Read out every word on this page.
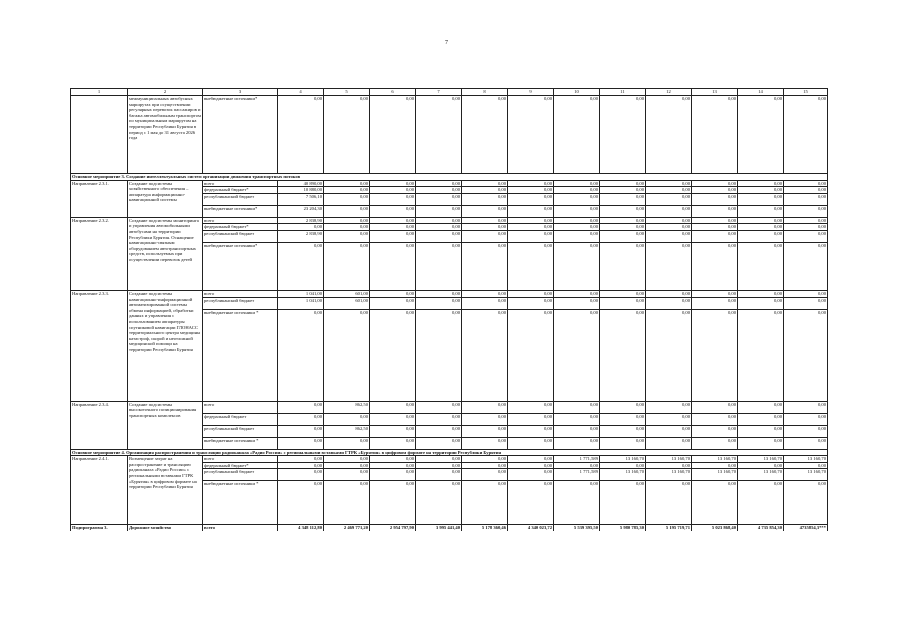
7
1	2	3	4	5	6	7	8	9	10	11	12	13	14	15
	межмуниципальных автобусных маршрутах при осуществлении регулярных перевозок пассажиров и багажа автомобильным транспортом по муниципальным маршрутам на территории Республики Бурятия в период с 1 мая до 31 августа 2026 года	внебюджетные источники*	0,00	0,00	0,00	0,00	0,00	0,00	0,00	0,00	0,00	0,00	0,00	0,00
Основное мероприятие 3. Создание интеллектуальных систем организации движения транспортных потоков														
Направление 2.3.1.	Создание подсистемы хозяйственного обеспечения – аппаратура информационно-навигационной системы	всего	40 890,00	0,00	0,00	0,00	0,00	0,00	0,00	0,00	0,00	0,00	0,00	0,00
		федеральный бюджет*	10 880,00	0,00	0,00	0,00	0,00	0,00	0,00	0,00	0,00	0,00	0,00	0,00
		республиканский бюджет	7 506,10	0,00	0,00	0,00	0,00	0,00	0,00	0,00	0,00	0,00	0,00	0,00
		внебюджетные источники*	23 204,30	0,00	0,00	0,00	0,00	0,00	0,00	0,00	0,00	0,00	0,00	0,00
Направление 2.3.2.	Создание подсистемы мониторинга и управления автомобильными автобусами на территории Республики Бурятия. Оснащение навигационно-связным оборудованием автотранспортных средств, используемых при осуществлении перевозок детей	всего	2 838,90	0,00	0,00	0,00	0,00	0,00	0,00	0,00	0,00	0,00	0,00	0,00
		федеральный бюджет*	0,00	0,00	0,00	0,00	0,00	0,00	0,00	0,00	0,00	0,00	0,00	0,00
		республиканский бюджет	2 838,90	0,00	0,00	0,00	0,00	0,00	0,00	0,00	0,00	0,00	0,00	0,00
		внебюджетные источники*	0,00	0,00	0,00	0,00	0,00	0,00	0,00	0,00	0,00	0,00	0,00	0,00
Направление 2.3.3.	Создание подсистемы навигационно-информационной автоматизированной системы обмена информацией, обработки данных и управления с использованием аппаратуры спутниковой навигации ГЛОНАСС территориального центра медицины катастроф, скорой и неотложной медицинской помощи на территории Республики Бурятия	всего	1 041,00	601,00	0,00	0,00	0,00	0,00	0,00	0,00	0,00	0,00	0,00	0,00
		республиканский бюджет	1 041,00	601,00	0,00	0,00	0,00	0,00	0,00	0,00	0,00	0,00	0,00	0,00
		внебюджетные источники *	0,00	0,00	0,00	0,00	0,00	0,00	0,00	0,00	0,00	0,00	0,00	0,00
Направление 2.3.4.	Создание подсистемы высокоточного позиционирования транспортных комплексов	всего	0,00	862,50	0,00	0,00	0,00	0,00	0,00	0,00	0,00	0,00	0,00	0,00
		федеральный бюджет	0,00	0,00	0,00	0,00	0,00	0,00	0,00	0,00	0,00	0,00	0,00	0,00
		республиканский бюджет	0,00	862,50	0,00	0,00	0,00	0,00	0,00	0,00	0,00	0,00	0,00	0,00
		внебюджетные источники *	0,00	0,00	0,00	0,00	0,00	0,00	0,00	0,00	0,00	0,00	0,00	0,00
Основное мероприятие 4. Организация распространения и трансляции радиоканала «Радио России» с региональными вставками ГТРК «Бурятия» в цифровом формате на территории Республики Бурятия														
Направление 2.4.1.	Возмещение затрат на распространение и трансляцию радиоканала «Радио России» с региональными вставками ГТРК «Бурятия» в цифровом формате на территории Республики Бурятия	всего	0,00	0,00	0,00	0,00	0,00	0,00	1 771,589	13 160,70	13 160,70	13 160,70	13 160,70	13 160,70
		федеральный бюджет*	0,00	0,00	0,00	0,00	0,00	0,00	0,00	0,00	0,00	0,00	0,00	0,00
		республиканский бюджет	0,00	0,00	0,00	0,00	0,00	0,00	1 771,589	13 160,70	13 160,70	13 160,70	13 160,70	13 160,70
		внебюджетные источники *	0,00	0,00	0,00	0,00	0,00	0,00	0,00	0,00	0,00	0,00	0,00	0,00
Подпрограмма 3.	Дорожное хозяйство	всего	4 348 112,80	2 469 771,20	2 954 797,90	3 995 441,40	5 178 360,46	4 340 023,72	5 539 395,50	5 980 785,30	5 195 719,71	5 023 868,40	4 735 854,30	4735854,3***
